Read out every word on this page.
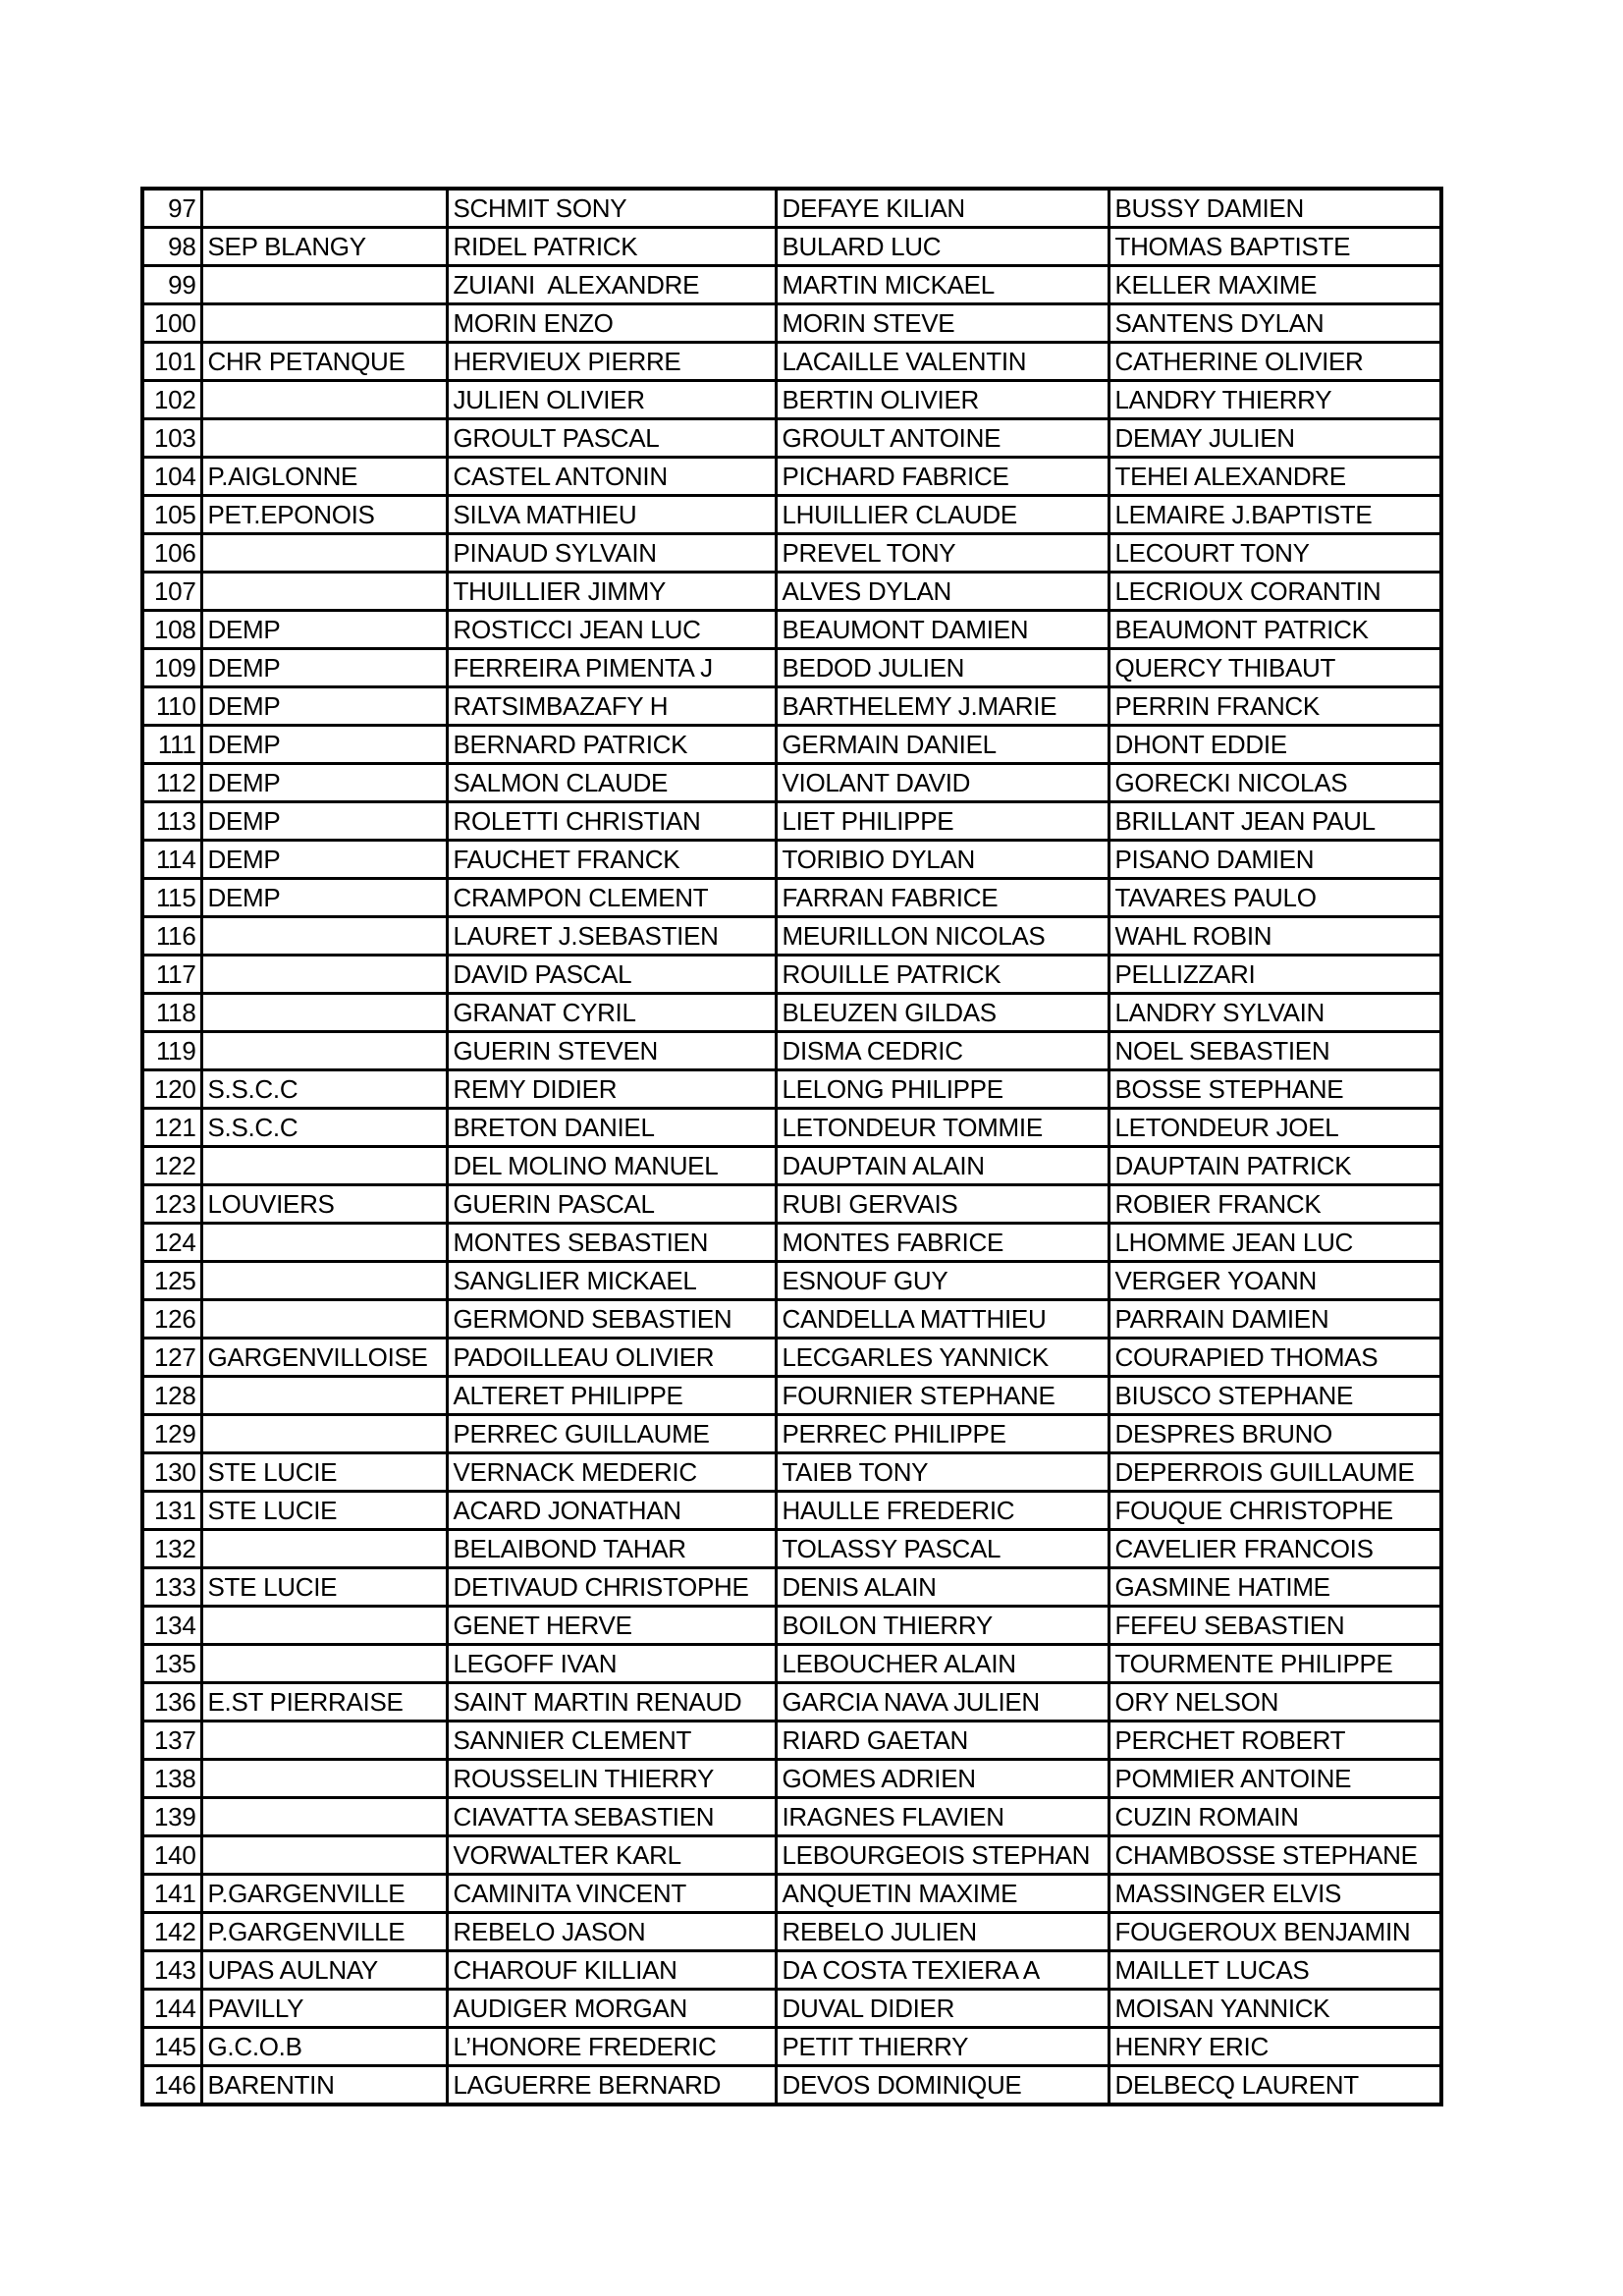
97		SCHMIT SONY	DEFAYE KILIAN	BUSSY DAMIEN
98	SEP BLANGY	RIDEL PATRICK	BULARD LUC	THOMAS BAPTISTE
99		ZUIANI  ALEXANDRE	MARTIN MICKAEL	KELLER MAXIME
100		MORIN ENZO	MORIN STEVE	SANTENS DYLAN
101	CHR PETANQUE	HERVIEUX PIERRE	LACAILLE VALENTIN	CATHERINE OLIVIER
102		JULIEN OLIVIER	BERTIN OLIVIER	LANDRY THIERRY
103		GROULT PASCAL	GROULT ANTOINE	DEMAY JULIEN
104	P.AIGLONNE	CASTEL ANTONIN	PICHARD FABRICE	TEHEI ALEXANDRE
105	PET.EPONOIS	SILVA MATHIEU	LHUILLIER CLAUDE	LEMAIRE J.BAPTISTE
106		PINAUD SYLVAIN	PREVEL TONY	LECOURT TONY
107		THUILLIER JIMMY	ALVES DYLAN	LECRIOUX CORANTIN
108	DEMP	ROSTICCI JEAN LUC	BEAUMONT DAMIEN	BEAUMONT PATRICK
109	DEMP	FERREIRA PIMENTA J	BEDOD JULIEN	QUERCY THIBAUT
110	DEMP	RATSIMBAZAFY H	BARTHELEMY J.MARIE	PERRIN FRANCK
111	DEMP	BERNARD PATRICK	GERMAIN DANIEL	DHONT EDDIE
112	DEMP	SALMON CLAUDE	VIOLANT DAVID	GORECKI NICOLAS
113	DEMP	ROLETTI CHRISTIAN	LIET PHILIPPE	BRILLANT JEAN PAUL
114	DEMP	FAUCHET FRANCK	TORIBIO DYLAN	PISANO DAMIEN
115	DEMP	CRAMPON CLEMENT	FARRAN FABRICE	TAVARES PAULO
116		LAURET J.SEBASTIEN	MEURILLON NICOLAS	WAHL ROBIN
117		DAVID PASCAL	ROUILLE PATRICK	PELLIZZARI
118		GRANAT CYRIL	BLEUZEN GILDAS	LANDRY SYLVAIN
119		GUERIN STEVEN	DISMA CEDRIC	NOEL SEBASTIEN
120	S.S.C.C	REMY DIDIER	LELONG PHILIPPE	BOSSE STEPHANE
121	S.S.C.C	BRETON DANIEL	LETONDEUR TOMMIE	LETONDEUR JOEL
122		DEL MOLINO MANUEL	DAUPTAIN ALAIN	DAUPTAIN PATRICK
123	LOUVIERS	GUERIN PASCAL	RUBI GERVAIS	ROBIER FRANCK
124		MONTES SEBASTIEN	MONTES FABRICE	LHOMME JEAN LUC
125		SANGLIER MICKAEL	ESNOUF GUY	VERGER YOANN
126		GERMOND SEBASTIEN	CANDELLA MATTHIEU	PARRAIN DAMIEN
127	GARGENVILLOISE	PADOILLEAU OLIVIER	LECGARLES YANNICK	COURAPIED THOMAS
128		ALTERET PHILIPPE	FOURNIER STEPHANE	BIUSCO STEPHANE
129		PERREC GUILLAUME	PERREC PHILIPPE	DESPRES BRUNO
130	STE LUCIE	VERNACK MEDERIC	TAIEB TONY	DEPERROIS GUILLAUME
131	STE LUCIE	ACARD JONATHAN	HAULLE FREDERIC	FOUQUE CHRISTOPHE
132		BELAIBOND TAHAR	TOLASSY PASCAL	CAVELIER FRANCOIS
133	STE LUCIE	DETIVAUD CHRISTOPHE	DENIS ALAIN	GASMINE HATIME
134		GENET HERVE	BOILON THIERRY	FEFEU SEBASTIEN
135		LEGOFF IVAN	LEBOUCHER ALAIN	TOURMENTE PHILIPPE
136	E.ST PIERRAISE	SAINT MARTIN RENAUD	GARCIA NAVA JULIEN	ORY NELSON
137		SANNIER CLEMENT	RIARD GAETAN	PERCHET ROBERT
138		ROUSSELIN THIERRY	GOMES ADRIEN	POMMIER ANTOINE
139		CIAVATTA SEBASTIEN	IRAGNES FLAVIEN	CUZIN ROMAIN
140		VORWALTER KARL	LEBOURGEOIS STEPHAN	CHAMBOSSE STEPHANE
141	P.GARGENVILLE	CAMINITA VINCENT	ANQUETIN MAXIME	MASSINGER ELVIS
142	P.GARGENVILLE	REBELO JASON	REBELO JULIEN	FOUGEROUX BENJAMIN
143	UPAS AULNAY	CHAROUF KILLIAN	DA COSTA TEXIERA A	MAILLET LUCAS
144	PAVILLY	AUDIGER MORGAN	DUVAL DIDIER	MOISAN YANNICK
145	G.C.O.B	L’HONORE FREDERIC	PETIT THIERRY	HENRY ERIC
146	BARENTIN	LAGUERRE BERNARD	DEVOS DOMINIQUE	DELBECQ LAURENT
